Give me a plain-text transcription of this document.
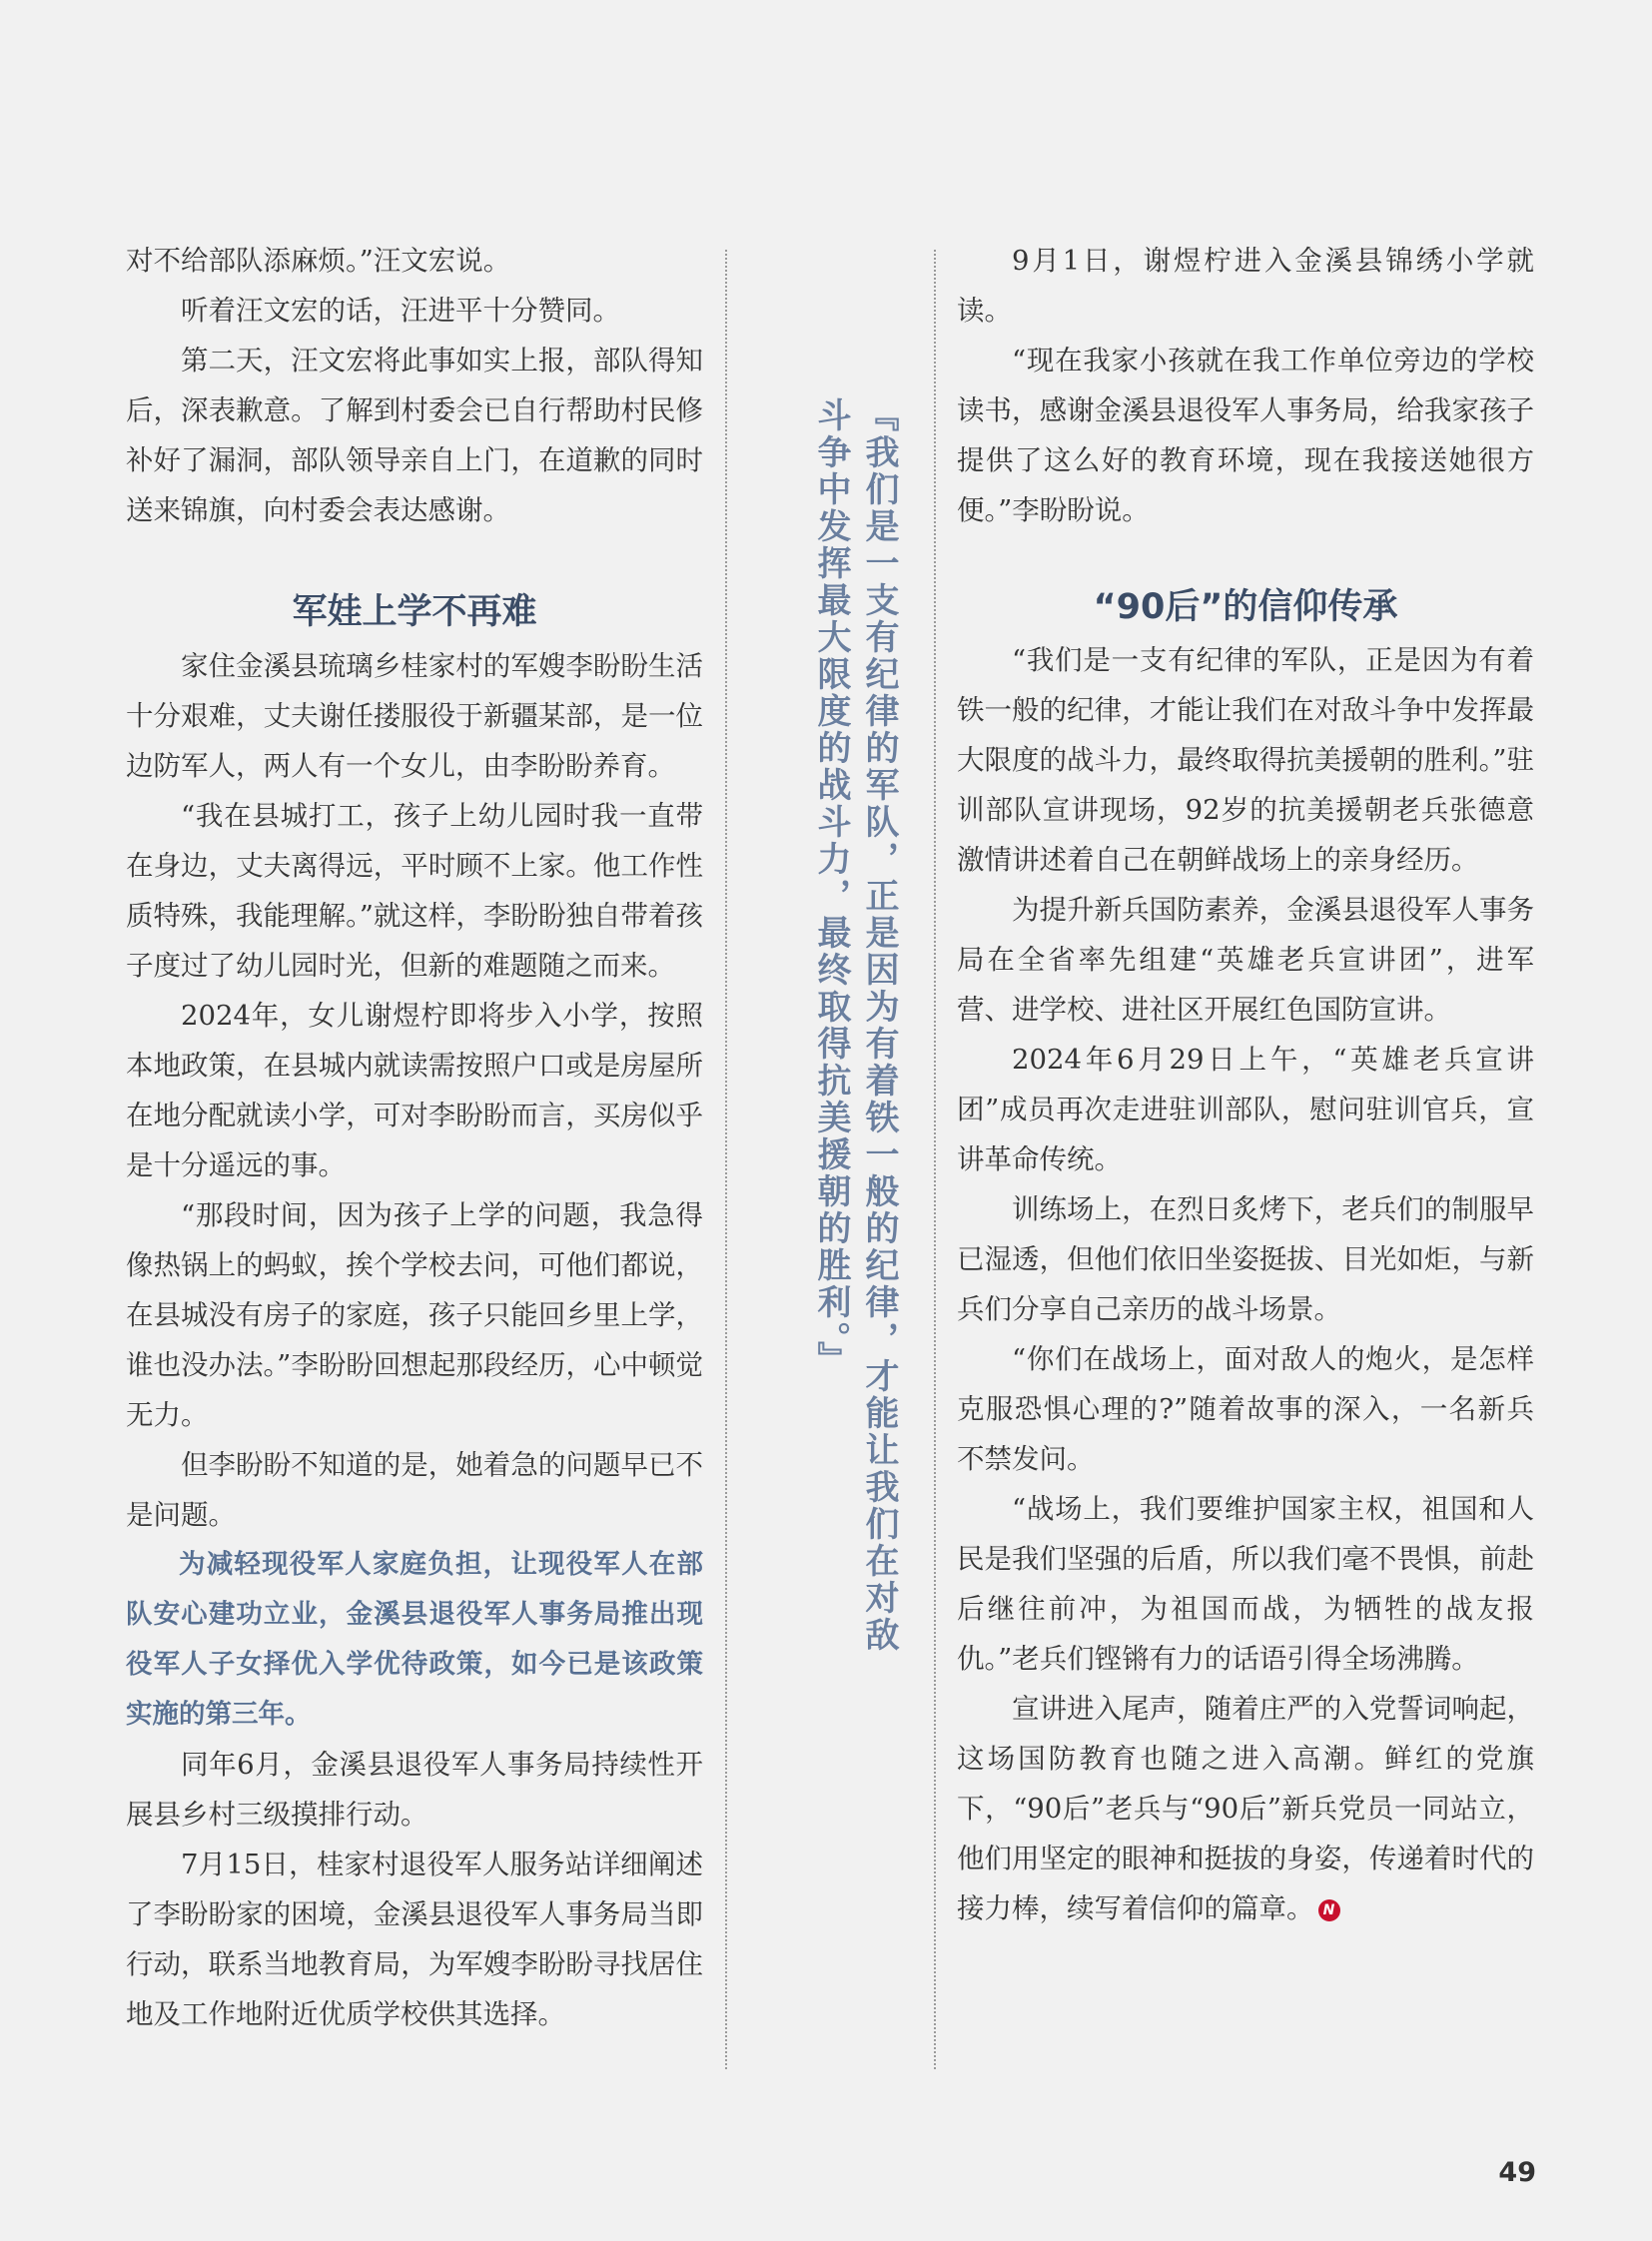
对不给部队添麻烦。”汪文宏说。

听着汪文宏的话，汪进平十分赞同。

第二天，汪文宏将此事如实上报，部队得知后，深表歉意。了解到村委会已自行帮助村民修补好了漏洞，部队领导亲自上门，在道歉的同时送来锦旗，向村委会表达感谢。

军娃上学不再难

家住金溪县琉璃乡桂家村的军嫂李盼盼生活十分艰难，丈夫谢任搂服役于新疆某部，是一位边防军人，两人有一个女儿，由李盼盼养育。

“我在县城打工，孩子上幼儿园时我一直带在身边，丈夫离得远，平时顾不上家。他工作性质特殊，我能理解。”就这样，李盼盼独自带着孩子度过了幼儿园时光，但新的难题随之而来。

2024年，女儿谢煜柠即将步入小学，按照本地政策，在县城内就读需按照户口或是房屋所在地分配就读小学，可对李盼盼而言，买房似乎是十分遥远的事。

“那段时间，因为孩子上学的问题，我急得像热锅上的蚂蚁，挨个学校去问，可他们都说，在县城没有房子的家庭，孩子只能回乡里上学，谁也没办法。”李盼盼回想起那段经历，心中顿觉无力。

但李盼盼不知道的是，她着急的问题早已不是问题。

为减轻现役军人家庭负担，让现役军人在部队安心建功立业，金溪县退役军人事务局推出现役军人子女择优入学优待政策，如今已是该政策实施的第三年。

同年6月，金溪县退役军人事务局持续性开展县乡村三级摸排行动。

7月15日，桂家村退役军人服务站详细阐述了李盼盼家的困境，金溪县退役军人事务局当即行动，联系当地教育局，为军嫂李盼盼寻找居住地及工作地附近优质学校供其选择。

『我们是一支有纪律的军队，正是因为有着铁一般的纪律，才能让我们在对敌
斗争中发挥最大限度的战斗力，最终取得抗美援朝的胜利。』

9月1日，谢煜柠进入金溪县锦绣小学就读。

“现在我家小孩就在我工作单位旁边的学校读书，感谢金溪县退役军人事务局，给我家孩子提供了这么好的教育环境，现在我接送她很方便。”李盼盼说。

“90后”的信仰传承

“我们是一支有纪律的军队，正是因为有着铁一般的纪律，才能让我们在对敌斗争中发挥最大限度的战斗力，最终取得抗美援朝的胜利。”驻训部队宣讲现场，92岁的抗美援朝老兵张德意激情讲述着自己在朝鲜战场上的亲身经历。

为提升新兵国防素养，金溪县退役军人事务局在全省率先组建“英雄老兵宣讲团”，进军营、进学校、进社区开展红色国防宣讲。

2024年6月29日上午，“英雄老兵宣讲团”成员再次走进驻训部队，慰问驻训官兵，宣讲革命传统。

训练场上，在烈日炙烤下，老兵们的制服早已湿透，但他们依旧坐姿挺拔、目光如炬，与新兵们分享自己亲历的战斗场景。

“你们在战场上，面对敌人的炮火，是怎样克服恐惧心理的?”随着故事的深入，一名新兵不禁发问。

“战场上，我们要维护国家主权，祖国和人民是我们坚强的后盾，所以我们毫不畏惧，前赴后继往前冲，为祖国而战，为牺牲的战友报仇。”老兵们铿锵有力的话语引得全场沸腾。

宣讲进入尾声，随着庄严的入党誓词响起，这场国防教育也随之进入高潮。鲜红的党旗下，“90后”老兵与“90后”新兵党员一同站立，他们用坚定的眼神和挺拔的身姿，传递着时代的接力棒，续写着信仰的篇章。 N

49
